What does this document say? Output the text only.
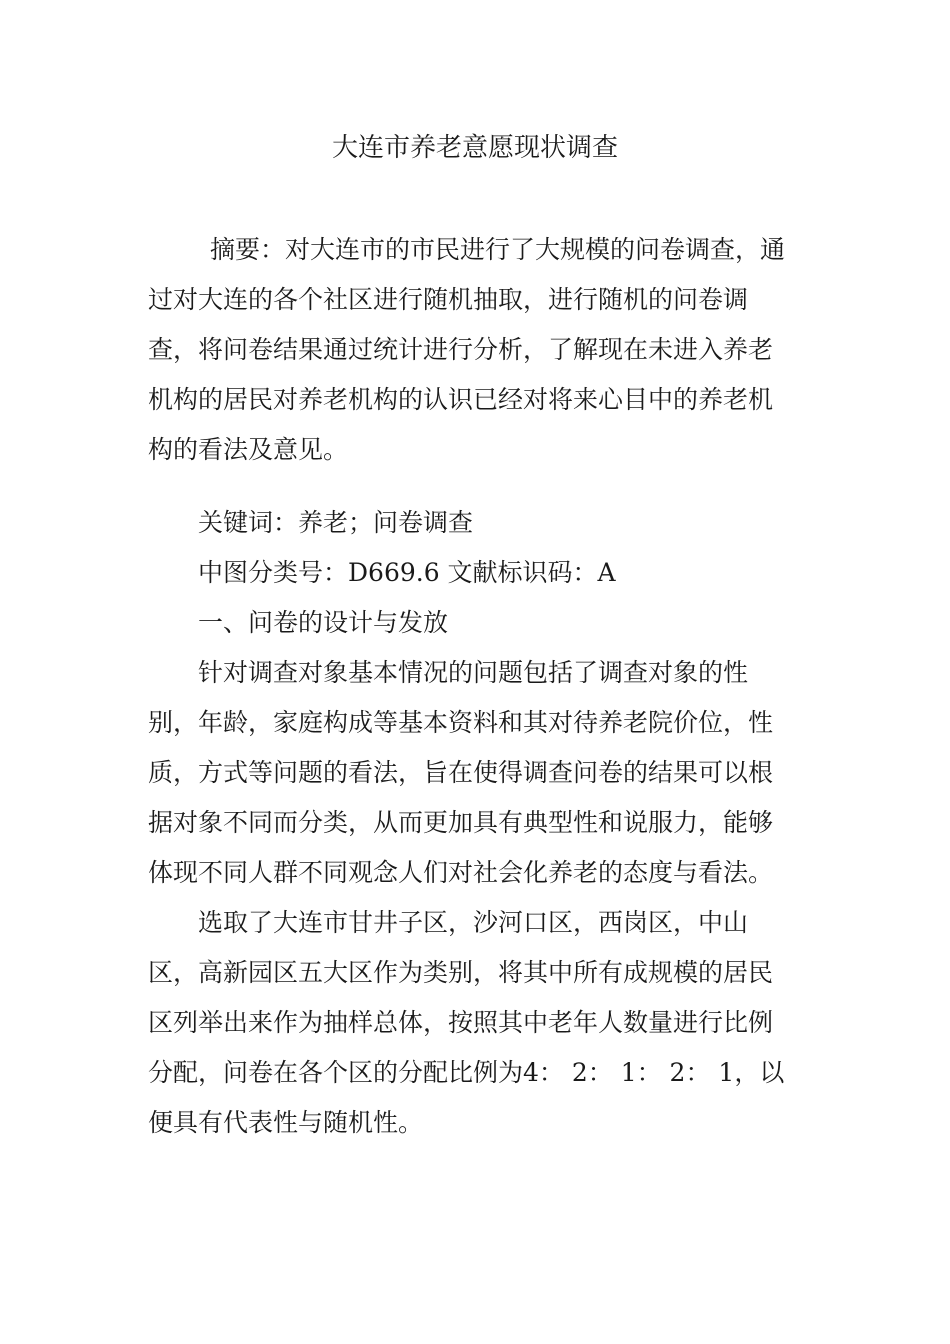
大连市养老意愿现状调查
摘要：对大连市的市民进行了大规模的问卷调查，通
过对大连的各个社区进行随机抽取，进行随机的问卷调
查，将问卷结果通过统计进行分析，了解现在未进入养老
机构的居民对养老机构的认识已经对将来心目中的养老机
构的看法及意见。
关键词：养老；问卷调查
中图分类号：D669.6 文献标识码：A
一、问卷的设计与发放
针对调查对象基本情况的问题包括了调查对象的性
别，年龄，家庭构成等基本资料和其对待养老院价位，性
质，方式等问题的看法，旨在使得调查问卷的结果可以根
据对象不同而分类，从而更加具有典型性和说服力，能够
体现不同人群不同观念人们对社会化养老的态度与看法。
选取了大连市甘井子区，沙河口区，西岗区，中山
区，高新园区五大区作为类别，将其中所有成规模的居民
区列举出来作为抽样总体，按照其中老年人数量进行比例
分配，问卷在各个区的分配比例为4： 2： 1： 2： 1，以
便具有代表性与随机性。
